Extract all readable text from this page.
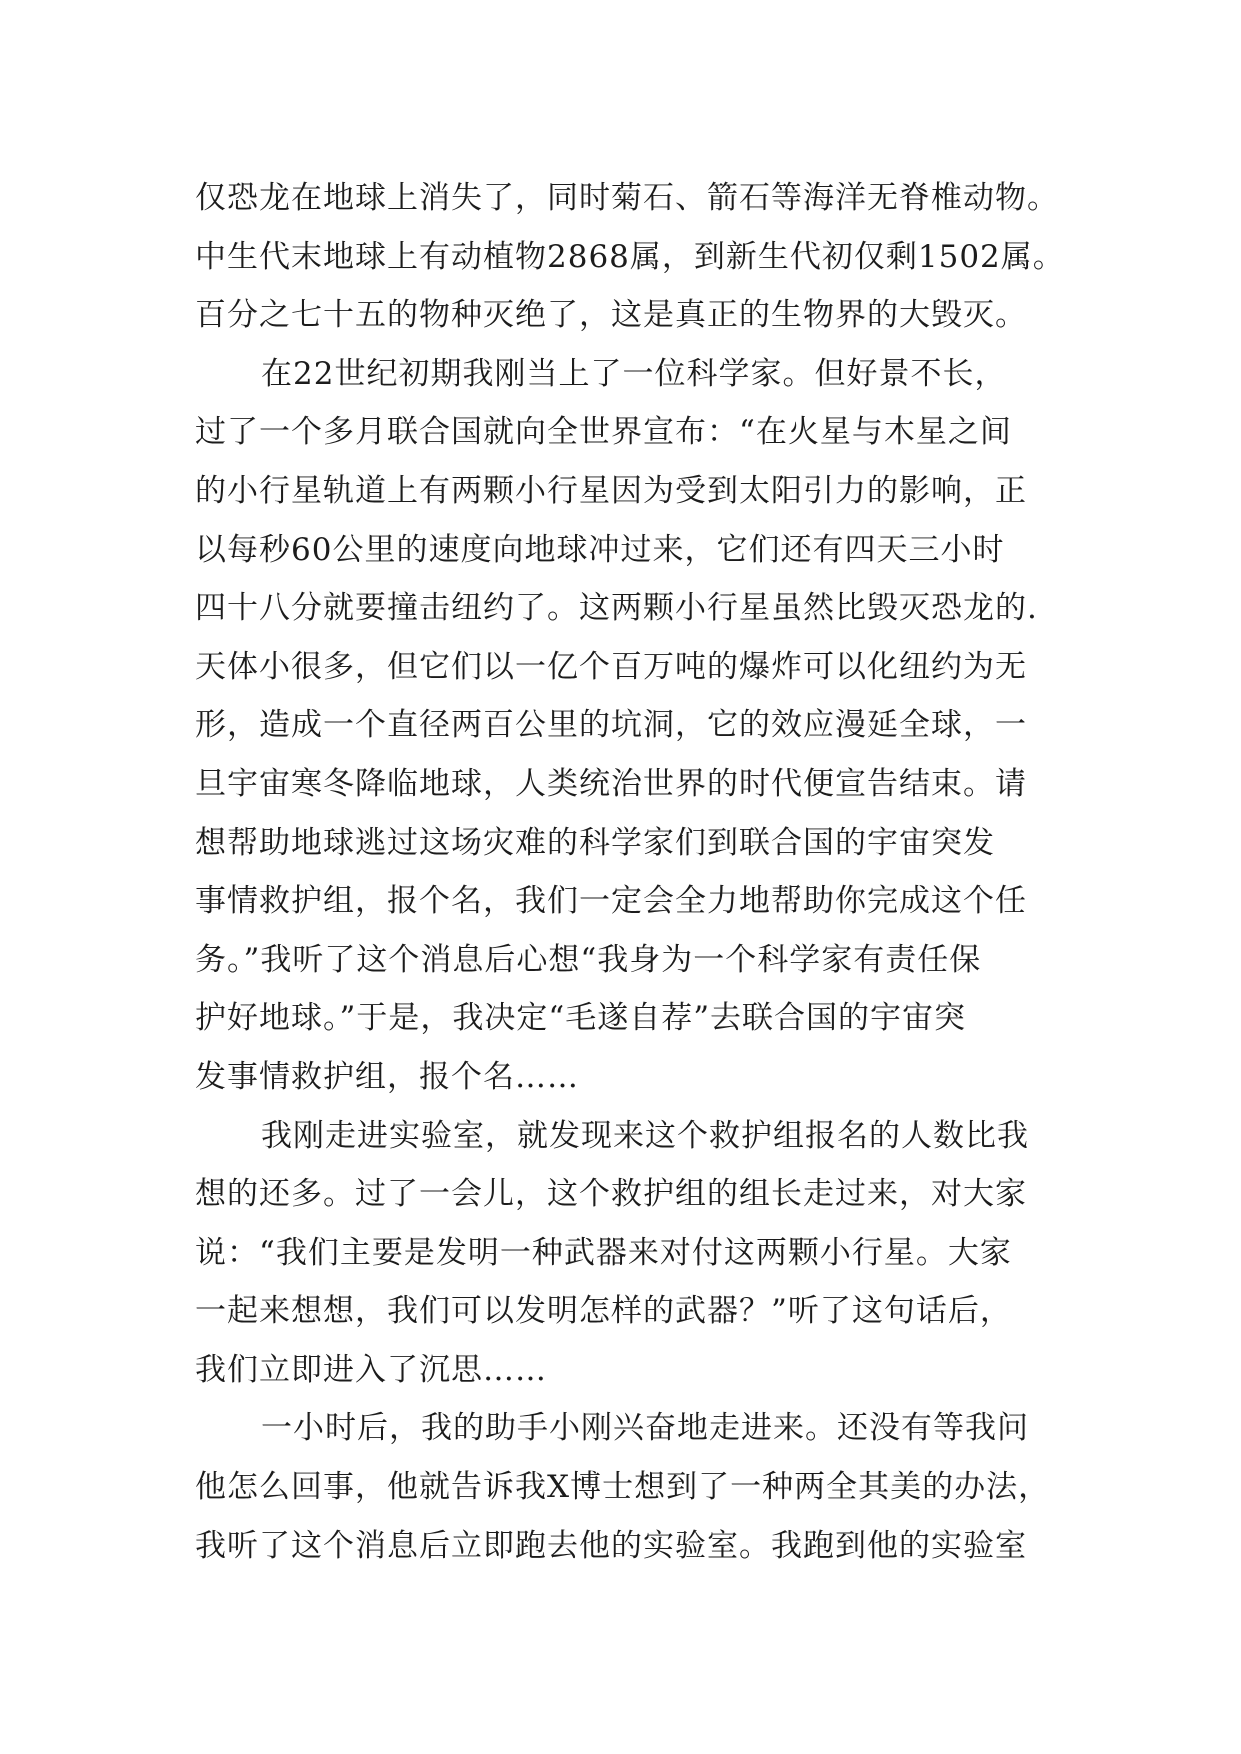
仅恐龙在地球上消失了，同时菊石、箭石等海洋无脊椎动物。
中生代末地球上有动植物2868属，到新生代初仅剩1502属。
百分之七十五的物种灭绝了，这是真正的生物界的大毁灭。
在22世纪初期我刚当上了一位科学家。但好景不长，
过了一个多月联合国就向全世界宣布：“在火星与木星之间
的小行星轨道上有两颗小行星因为受到太阳引力的影响，正
以每秒60公里的速度向地球冲过来，它们还有四天三小时
四十八分就要撞击纽约了。这两颗小行星虽然比毁灭恐龙的.
天体小很多，但它们以一亿个百万吨的爆炸可以化纽约为无
形，造成一个直径两百公里的坑洞，它的效应漫延全球，一
旦宇宙寒冬降临地球，人类统治世界的时代便宣告结束。请
想帮助地球逃过这场灾难的科学家们到联合国的宇宙突发
事情救护组，报个名，我们一定会全力地帮助你完成这个任
务。”我听了这个消息后心想“我身为一个科学家有责任保
护好地球。”于是，我决定“毛遂自荐”去联合国的宇宙突
发事情救护组，报个名……
我刚走进实验室，就发现来这个救护组报名的人数比我
想的还多。过了一会儿，这个救护组的组长走过来，对大家
说：“我们主要是发明一种武器来对付这两颗小行星。大家
一起来想想，我们可以发明怎样的武器？”听了这句话后，
我们立即进入了沉思……
一小时后，我的助手小刚兴奋地走进来。还没有等我问
他怎么回事，他就告诉我X博士想到了一种两全其美的办法，
我听了这个消息后立即跑去他的实验室。我跑到他的实验室
